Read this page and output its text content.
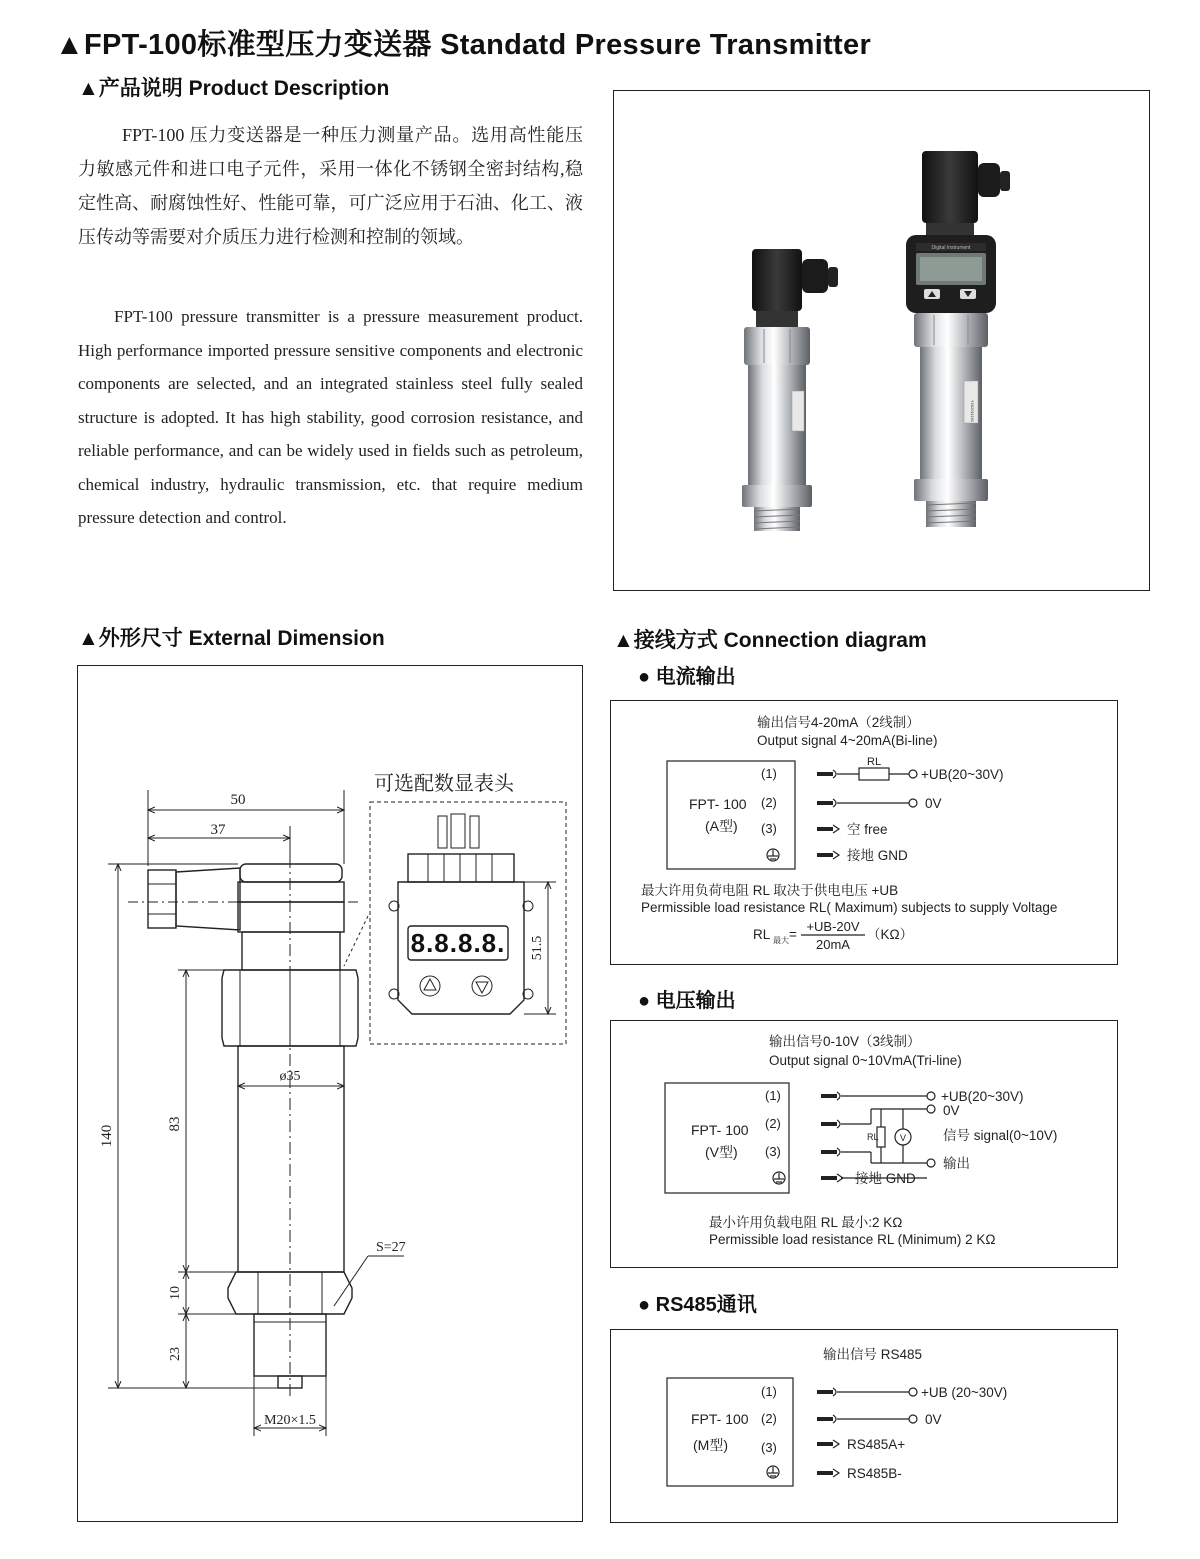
▲FPT-100标准型压力变送器 Standatd Pressure Transmitter
▲产品说明 Product Description
FPT-100 压力变送器是一种压力测量产品。选用高性能压力敏感元件和进口电子元件，采用一体化不锈钢全密封结构,稳定性高、耐腐蚀性好、性能可靠，可广泛应用于石油、化工、液压传动等需要对介质压力进行检测和控制的领域。
FPT-100 pressure transmitter is a pressure measurement product. High performance imported pressure sensitive components and electronic components are selected, and an integrated stainless steel fully sealed structure is adopted. It has high stability, good corrosion resistance, and reliable performance, and can be widely used in fields such as petroleum, chemical industry, hydraulic transmission, etc. that require medium pressure detection and control.
Digital Instrument
Y202011191
▲外形尺寸 External Dimension
50
37
140
83
10
23
ø35
S=27
M20×1.5
可选配数显表头
8.8.8.8. 51.5
▲接线方式 Connection diagram
● 电流输出
输出信号4-20mA（2线制）
Output signal 4~20mA(Bi-line)
FPT- 100
(A型)
(1)
(2)
(3)
RL
+UB(20~30V)
0V
空 free
接地 GND
最大许用负荷电阻 RL 取决于供电电压 +UB
Permissible load resistance RL( Maximum) subjects to supply Voltage
RL 最大 =
+UB-20V
20mA
（KΩ）
● 电压输出
输出信号0-10V（3线制）
Output signal 0~10VmA(Tri-line)
FPT- 100
(V型)
(1)
(2)
(3)
RL V
+UB(20~30V)
0V
信号 signal(0~10V)
输出
接地 GND
最小许用负载电阻 RL 最小:2 KΩ
Permissible load resistance RL (Minimum) 2 KΩ
● RS485通讯
输出信号 RS485
FPT- 100
(M型)
(1)
(2)
(3)
+UB (20~30V)
0V
RS485A+
RS485B-
